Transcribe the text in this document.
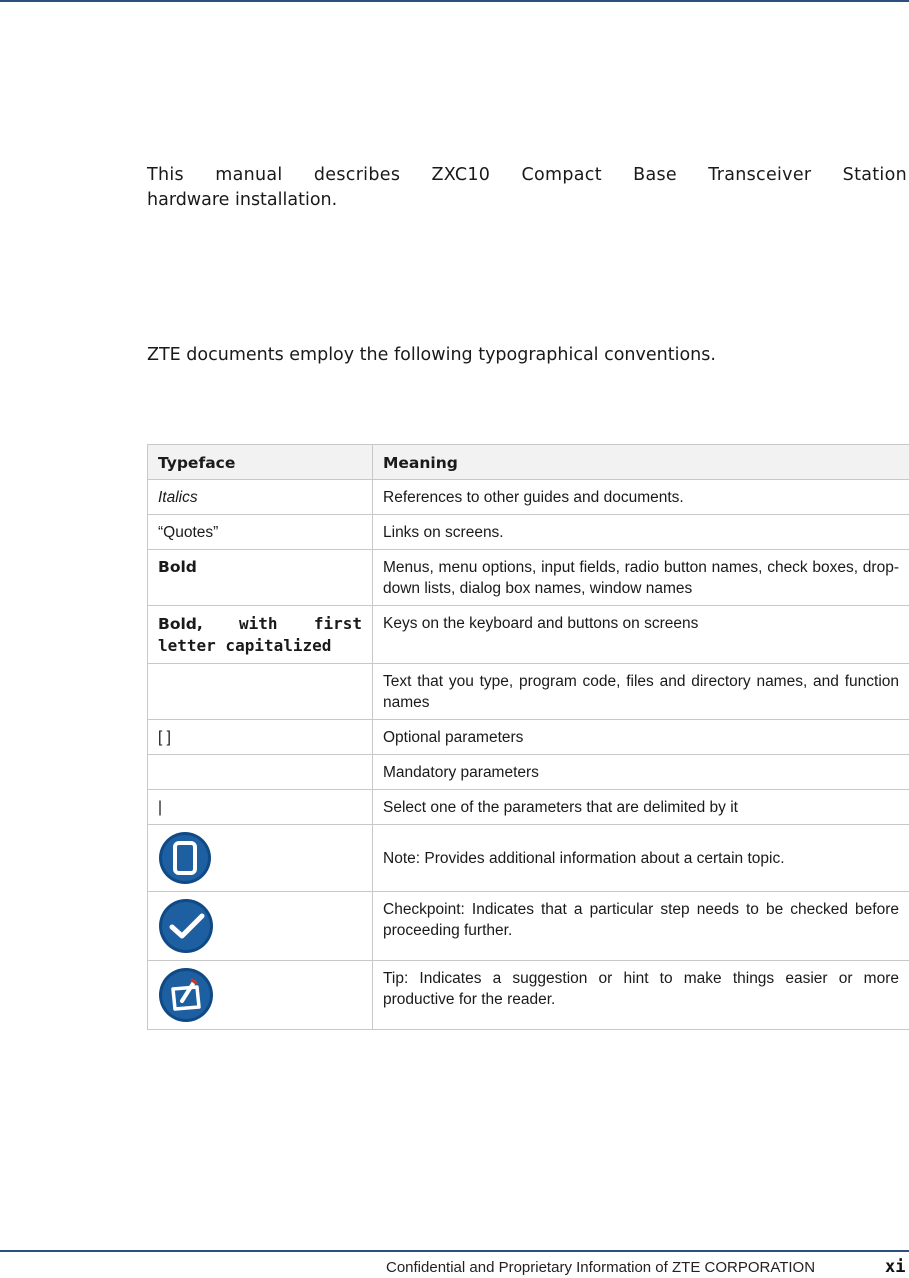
This manual describes ZXC10 Compact Base Transceiver Station
hardware installation.
ZTE documents employ the following typographical conventions.
Typeface	Meaning
Italics	References to other guides and documents.
“Quotes”	Links on screens.
Bold	Menus, menu options, input fields, radio button names, check boxes, drop-down lists, dialog box names, window names

Bold, with first
letter capitalized	Keys on the keyboard and buttons on screens
	Text that you type, program code, files and directory names, and function names
[ ]	Optional parameters
	Mandatory parameters
|	Select one of the parameters that are delimited by it

	Note: Provides additional information about a certain topic.

	Checkpoint: Indicates that a particular step needs to be checked before proceeding further.

	Tip: Indicates a suggestion or hint to make things easier or more productive for the reader.
Confidential and Proprietary Information of ZTE CORPORATION	xi
